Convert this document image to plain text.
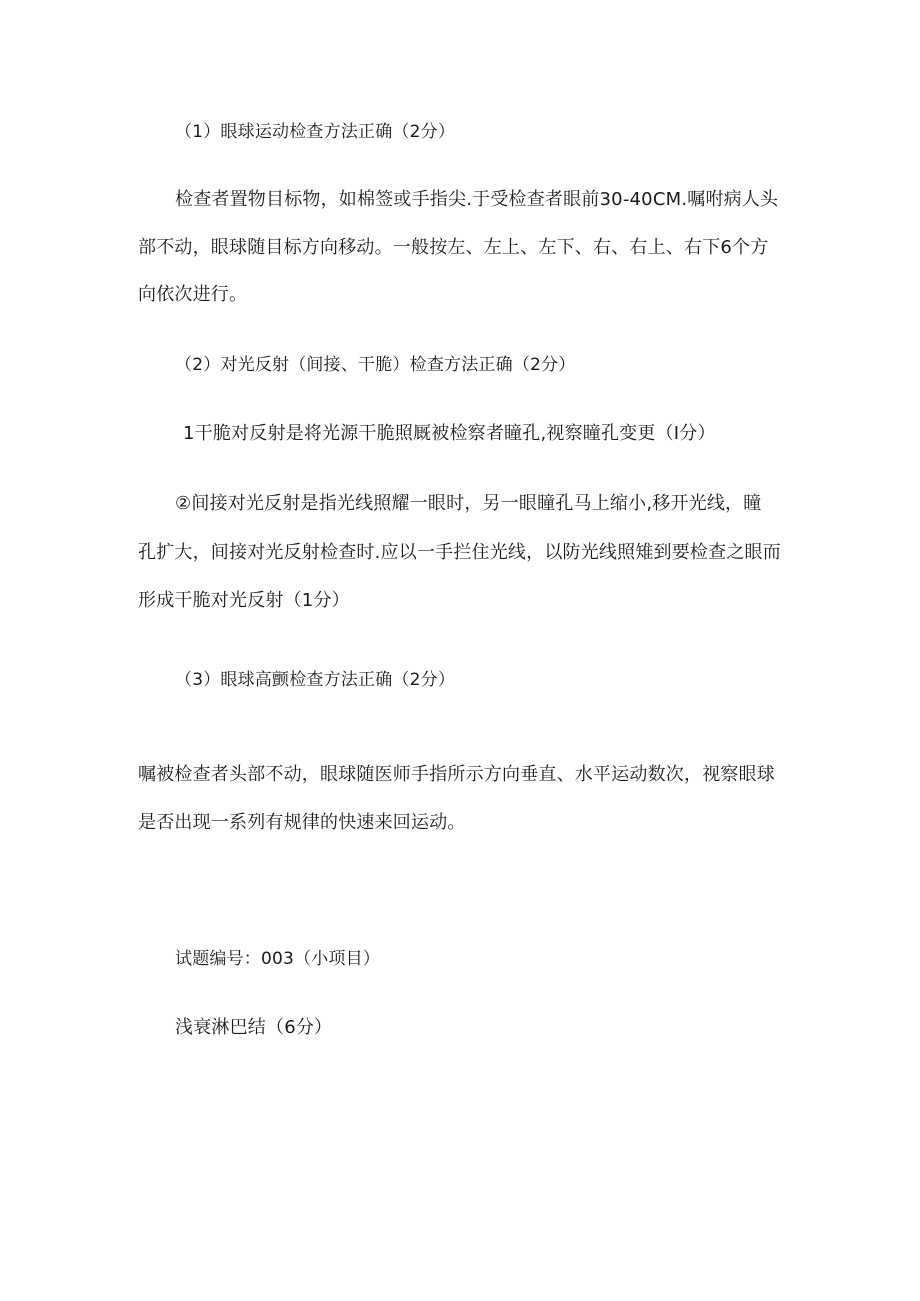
（1）眼球运动检查方法正确（2分）
检查者置物目标物，如棉签或手指尖.于受检查者眼前30-40CM.嘱咐病人头
部不动，眼球随目标方向移动。一般按左、左上、左下、右、右上、右下6个方
向依次进行。
（2）对光反射（间接、干脆）检查方法正确（2分）
1干脆对反射是将光源干脆照厩被检察者瞳孔,视察瞳孔变更（I分）
②间接对光反射是指光线照耀一眼时，另一眼瞳孔马上缩小,移开光线，瞳
孔扩大，间接对光反射检查时.应以一手拦住光线，以防光线照雉到要检查之眼而
形成干脆对光反射（1分）
（3）眼球高颤检查方法正确（2分）
嘱被检查者头部不动，眼球随医师手指所示方向垂直、水平运动数次，视察眼球
是否出现一系列有规律的快速来回运动。
试题编号：003（小项目）
浅衰淋巴结（6分）
